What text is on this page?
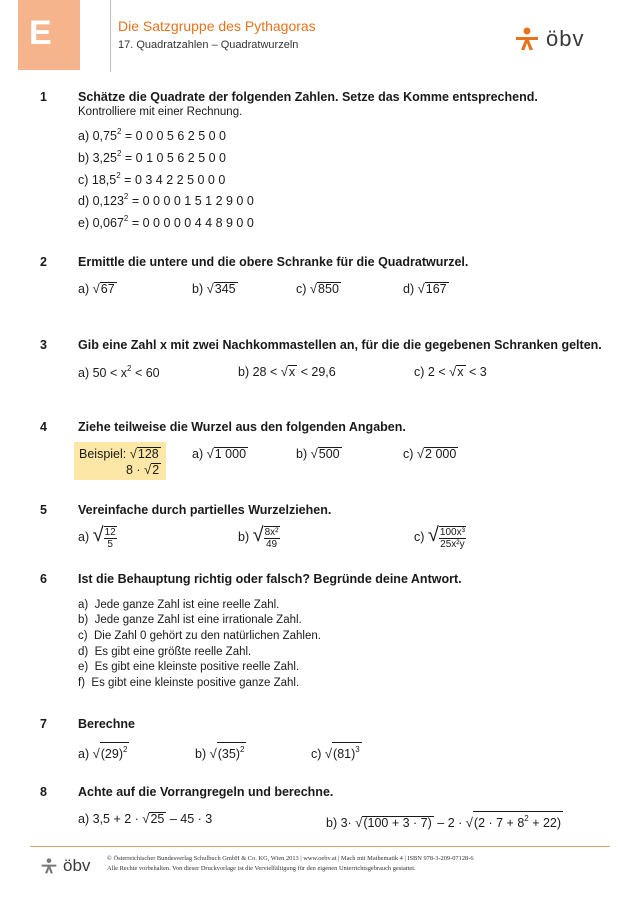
E	Die Satzgruppe des Pythagoras
17. Quadratzahlen – Quadratwurzeln	öbv
1 Schätze die Quadrate der folgenden Zahlen. Setze das Komme entsprechend.
Kontrolliere mit einer Rechnung.
a) $0,75^2 = 0$ 0 0 5 6 2 5 0 0
b) $3,25^2 = 0$ 1 0 5 6 2 5 0 0
c) $18,5^2 = 0$ 3 4 2 2 5 0 0 0
d) $0,123^2 = 0$ 0 0 0 1 5 1 2 9 0 0
e) $0,067^2 = 0$ 0 0 0 0 4 4 8 9 0 0
2 Ermittle die untere und die obere Schranke für die Quadratwurzel.
a) √67	b) √345	c) √850	d) √167
3 Gib eine Zahl x mit zwei Nachkommastellen an, für die die gegebenen Schranken gelten.
a) $50 < x^2 < 60$	b) 28 < √x < 29,6	c) 2 < √x < 3
4 Ziehe teilweise die Wurzel aus den folgenden Angaben.
Beispiel: √128
8 · √2
a) √1 000	b) √500	c) √2 000
5 Vereinfache durch partielles Wurzelziehen.
a) √ $\frac{12}{5}$	b) √ $\frac{\text{8x²}}{49}$	c) √ $\frac{\text{100x³}}{\text{25x²y}}$
6 Ist die Behauptung richtig oder falsch? Begründe deine Antwort.
a) Jede ganze Zahl ist eine reelle Zahl.
b) Jede ganze Zahl ist eine irrationale Zahl.
c) Die Zahl 0 gehört zu den natürlichen Zahlen.
d) Es gibt eine größte reelle Zahl.
e) Es gibt eine kleinste positive reelle Zahl.
f) Es gibt eine kleinste positive ganze Zahl.
7 Berechne
a) $√(29)^2$	b) $√(35)^2$	c) $√(81)^3$
8 Achte auf die Vorrangregeln und berechne.
a) 3,5 + 2 · √25 – 45 · 3	b) $3\cdot √(100 + 3 \cdot 7) - 2 \cdot √(2 \cdot 7 + 8^2 + 22)$
öbv	© Österreichischer Bundesverlag Schulbuch GmbH & Co. KG, Wien 2013 | www.oebv.at | Mach mit Mathematik 4 | ISBN 978-3-209-07128-6
Alle Rechte vorbehalten. Von dieser Druckvorlage ist die Vervielfältigung für den eigenen Unterrichtsgebrauch gestattet.
